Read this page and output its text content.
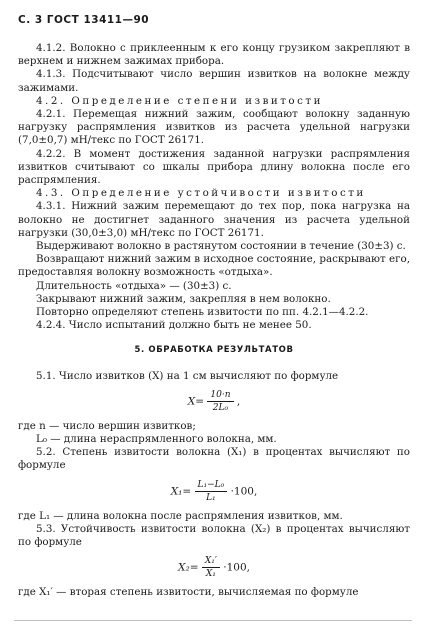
С. 3 ГОСТ 13411—90

4.1.2. Волокно с приклеенным к его концу грузиком закрепляют в верхнем и нижнем зажимах прибора.

4.1.3. Подсчитывают число вершин извитков на волокне между зажимами.

4.2. Определение степени извитости

4.2.1. Перемещая нижний зажим, сообщают волокну заданную нагрузку распрямления извитков из расчета удельной нагрузки (7,0±0,7) мН/текс по ГОСТ 26171.

4.2.2. В момент достижения заданной нагрузки распрямления извитков считывают со шкалы прибора длину волокна после его распрямления.

4.3. Определение устойчивости извитости

4.3.1. Нижний зажим перемещают до тех пор, пока нагрузка на волокно не достигнет заданного значения из расчета удельной нагрузки (30,0±3,0) мН/текс по ГОСТ 26171.

Выдерживают волокно в растянутом состоянии в течение (30±3) с.

Возвращают нижний зажим в исходное состояние, раскрывают его, предоставляя волокну возможность «отдыха».

Длительность «отдыха» — (30±3) с.

Закрывают нижний зажим, закрепляя в нем волокно.

Повторно определяют степень извитости по пп. 4.2.1—4.2.2.

4.2.4. Число испытаний должно быть не менее 50.

5. ОБРАБОТКА РЕЗУЛЬТАТОВ

5.1. Число извитков (X) на 1 см вычисляют по формуле

$X= \frac{10\cdot n}{\text{2L₀}}$ ,

где n — число вершин извитков;

L₀ — длина нераспрямленного волокна, мм.

5.2. Степень извитости волокна (X₁) в процентах вычисляют по формуле

$X_1= \frac{\text{L₁−L₀}}{\text{L₁}} \cdot 100$,

где L₁ — длина волокна после распрямления извитков, мм.

5.3. Устойчивость извитости волокна (X₂) в процентах вычисляют по формуле

$X_2= \frac{\text{X₁′}}{\text{X₁}} \cdot 100$,

где X₁′ — вторая степень извитости, вычисляемая по формуле
